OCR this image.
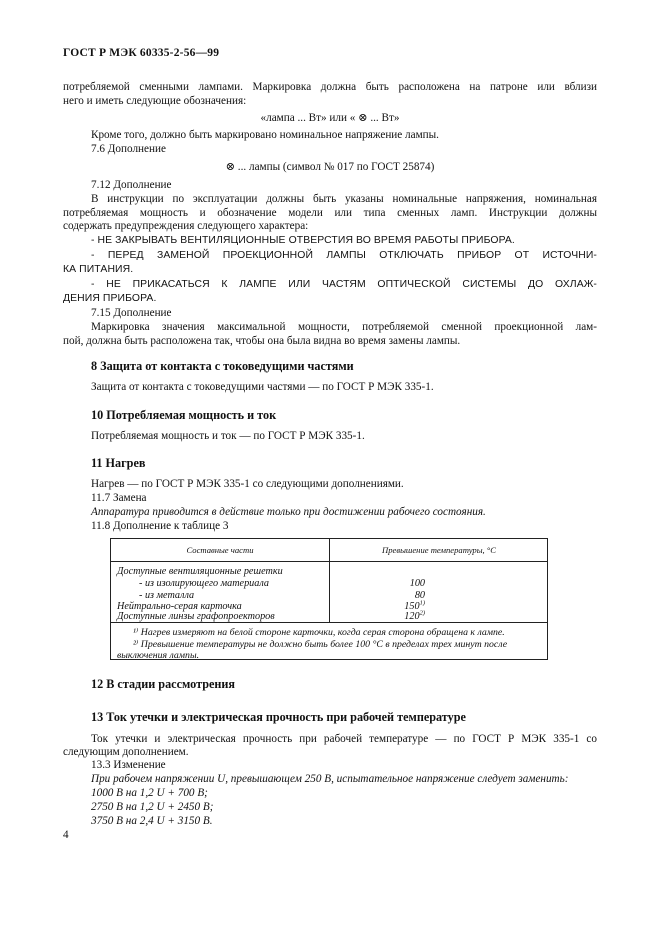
ГОСТ Р МЭК 60335-2-56—99
потребляемой сменными лампами. Маркировка должна быть расположена на патроне или вблизи
него и иметь следующие обозначения:
«лампа ... Вт» или « ⊗ ... Вт»
Кроме того, должно быть маркировано номинальное напряжение лампы.
7.6 Дополнение
⊗ ... лампы (символ № 017 по ГОСТ 25874)
7.12 Дополнение
В инструкции по эксплуатации должны быть указаны номинальные напряжения, номинальная
потребляемая мощность и обозначение модели или типа сменных ламп. Инструкции должны
содержать предупреждения следующего характера:
- НЕ ЗАКРЫВАТЬ ВЕНТИЛЯЦИОННЫЕ ОТВЕРСТИЯ ВО ВРЕМЯ РАБОТЫ ПРИБОРА.
- ПЕРЕД ЗАМЕНОЙ ПРОЕКЦИОННОЙ ЛАМПЫ ОТКЛЮЧАТЬ ПРИБОР ОТ ИСТОЧНИ-
КА ПИТАНИЯ.
- НЕ ПРИКАСАТЬСЯ К ЛАМПЕ ИЛИ ЧАСТЯМ ОПТИЧЕСКОЙ СИСТЕМЫ ДО ОХЛАЖ-
ДЕНИЯ ПРИБОРА.
7.15 Дополнение
Маркировка значения максимальной мощности, потребляемой сменной проекционной лам-
пой, должна быть расположена так, чтобы она была видна во время замены лампы.
8 Защита от контакта с токоведущими частями
Защита от контакта с токоведущими частями — по ГОСТ Р МЭК 335-1.
10 Потребляемая мощность и ток
Потребляемая мощность и ток — по ГОСТ Р МЭК 335-1.
11 Нагрев
Нагрев — по ГОСТ Р МЭК 335-1 со следующими дополнениями.
11.7 Замена
Аппаратура приводится в действие только при достижении рабочего состояния.
11.8 Дополнение к таблице 3
Составные части	Превышение температуры, °С
Доступные вентиляционные решетки
- из изолирующего материала	100
- из металла	80
Нейтрально-серая карточка	150$^{1)}$
Доступные линзы графопроекторов	120$^{2)}$
¹⁾ Нагрев измеряют на белой стороне карточки, когда серая сторона обращена к лампе.
²⁾ Превышение температуры не должно быть более 100 °С в пределах трех минут после
выключения лампы.
12 В стадии рассмотрения
13 Ток утечки и электрическая прочность при рабочей температуре
Ток утечки и электрическая прочность при рабочей температуре — по ГОСТ Р МЭК 335-1 со
следующим дополнением.
13.3 Изменение
При рабочем напряжении U, превышающем 250 В, испытательное напряжение следует заменить:
1000 В на 1,2 U + 700 В;
2750 В на 1,2 U + 2450 В;
3750 В на 2,4 U + 3150 В.
4
